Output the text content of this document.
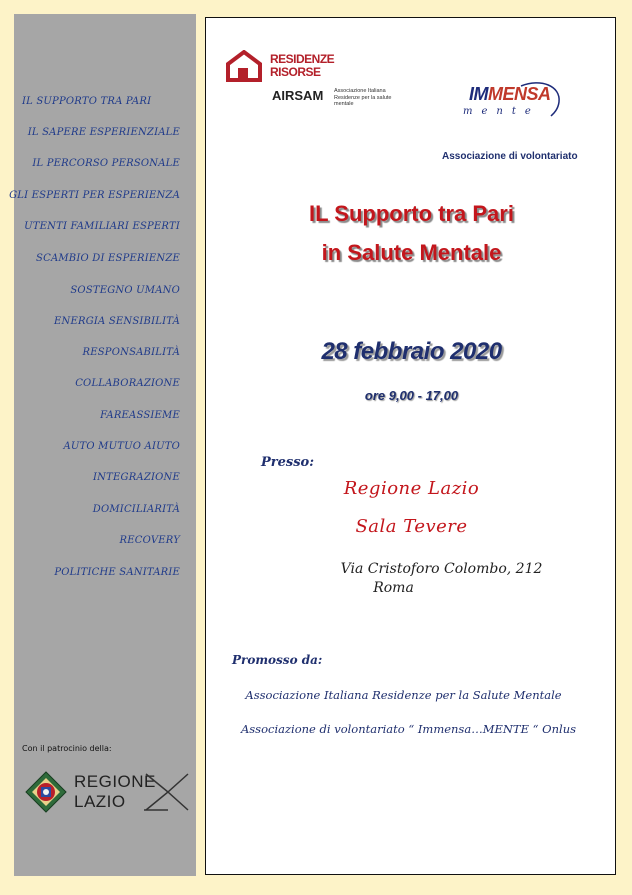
IL SUPPORTO TRA PARI
IL SAPERE ESPERIENZIALE
IL PERCORSO PERSONALE
GLI ESPERTI PER ESPERIENZA
UTENTI FAMILIARI ESPERTI
SCAMBIO DI ESPERIENZE
SOSTEGNO UMANO
ENERGIA SENSIBILITÀ
RESPONSABILITÀ
COLLABORAZIONE
FAREASSIEME
AUTO MUTUO AIUTO
INTEGRAZIONE
DOMICILIARITÀ
RECOVERY
POLITICHE SANITARIE
Con il patrocinio della:
REGIONE
LAZIO
RESIDENZE
RISORSE
AIRSAM Associazione Italiana Residenze per la salute mentale	IMMENSA
mente
Associazione di volontariato
IL Supporto tra Pari
in Salute Mentale
28 febbraio 2020
ore 9,00 - 17,00
Presso:
Regione Lazio
Sala Tevere
Via Cristoforo Colombo, 212
Roma
Promosso da:
Associazione Italiana Residenze per la Salute Mentale
Associazione di volontariato “ Immensa…MENTE “ Onlus
